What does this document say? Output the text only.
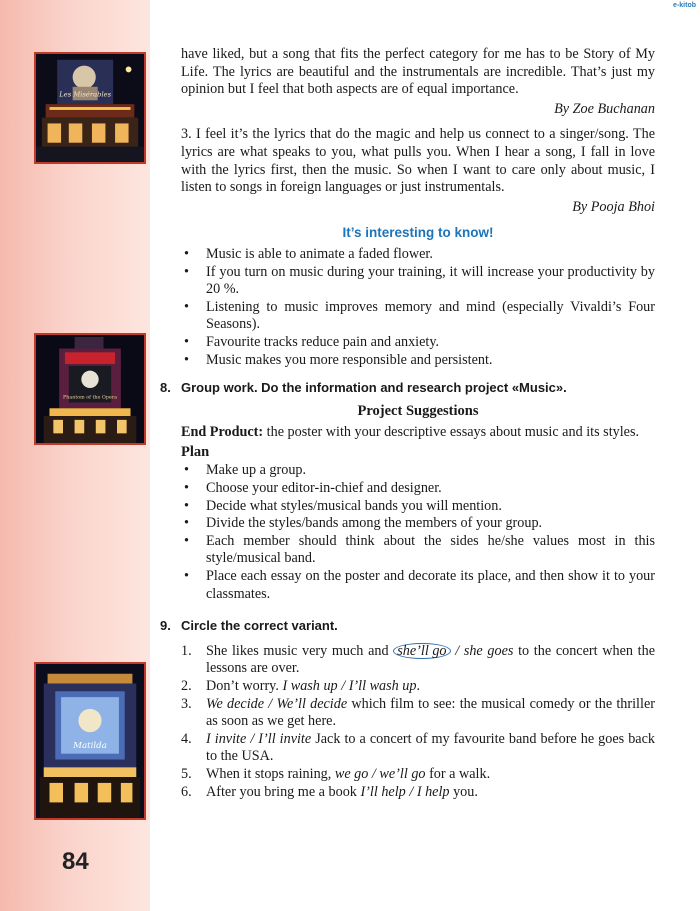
e-kitob
Les Misérables
Phantom of the Opera
Matilda
84

have liked, but a song that fits the perfect category for me has to be Story of My Life. The lyrics are beautiful and the instrumentals are incredible. That’s just my opinion but I feel that both aspects are of equal importance.

By Zoe Buchanan

3. I feel it’s the lyrics that do the magic and help us connect to a singer/song. The lyrics are what speaks to you, what pulls you. When I hear a song, I fall in love with the lyrics first, then the music. So when I want to care only about music, I listen to songs in foreign languages or just instrumentals.

By Pooja Bhoi
It’s interesting to know!
• Music is able to animate a faded flower.
• If you turn on music during your training, it will increase your productivity by 20 %.
• Listening to music improves memory and mind (especially Vivaldi’s Four Seasons).
• Favourite tracks reduce pain and anxiety.
• Music makes you more responsible and persistent.
8. Group work. Do the information and research project «Music».
Project Suggestions

End Product: the poster with your descriptive essays about music and its styles.

Plan
• Make up a group.
• Choose your editor-in-chief and designer.
• Decide what styles/musical bands you will mention.
• Divide the styles/bands among the members of your group.
• Each member should think about the sides he/she values most in this style/musical band.
• Place each essay on the poster and decorate its place, and then show it to your classmates.
9. Circle the correct variant.
1. She likes music very much and she’ll go / she goes to the concert when the lessons are over.
2. Don’t worry. I wash up / I’ll wash up.
3. We decide / We’ll decide which film to see: the musical comedy or the thriller as soon as we get here.
4. I invite / I’ll invite Jack to a concert of my favourite band before he goes back to the USA.
5. When it stops raining, we go / we’ll go for a walk.
6. After you bring me a book I’ll help / I help you.
